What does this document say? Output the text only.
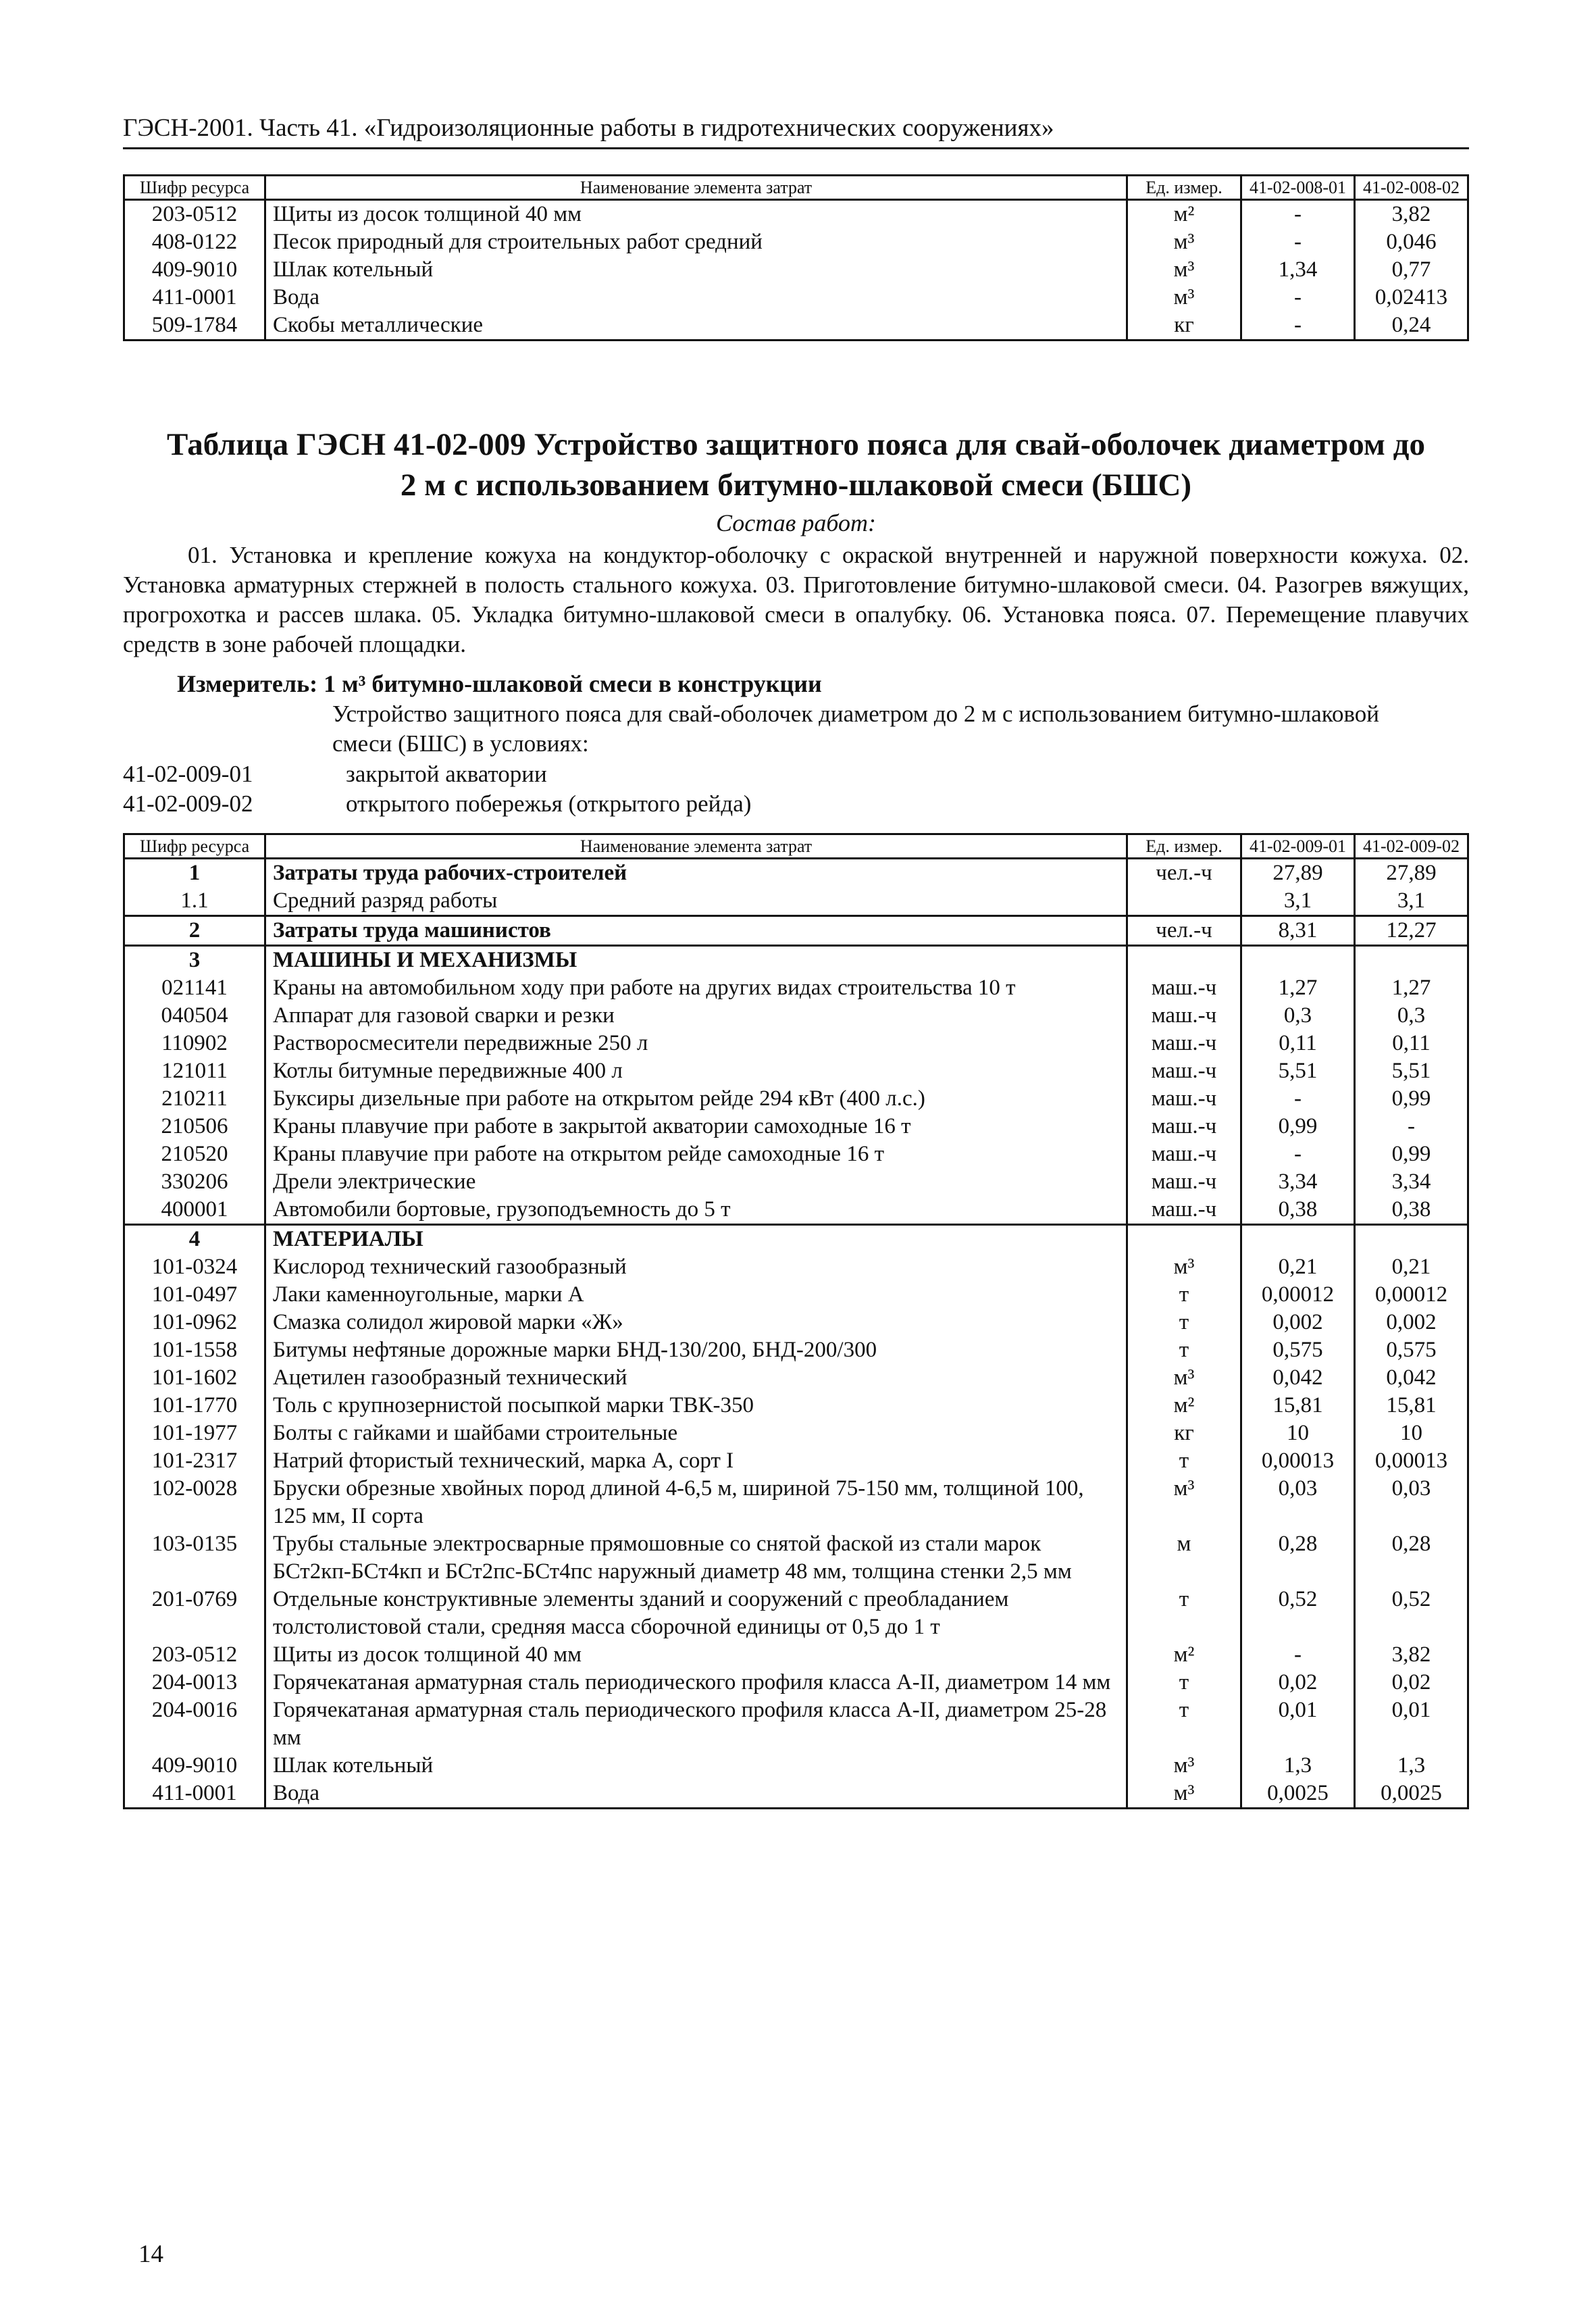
ГЭСН-2001. Часть 41. «Гидроизоляционные работы в гидротехнических сооружениях»
Шифр ресурса	Наименование элемента затрат	Ед. измер.	41-02-008-01	41-02-008-02
203-0512	Щиты из досок толщиной 40 мм	м²	-	3,82
408-0122	Песок природный для строительных работ средний	м³	-	0,046
409-9010	Шлак котельный	м³	1,34	0,77
411-0001	Вода	м³	-	0,02413
509-1784	Скобы металлические	кг	-	0,24
Таблица ГЭСН 41-02-009 Устройство защитного пояса для свай-оболочек диаметром до
2 м с использованием битумно-шлаковой смеси (БШС)
Состав работ:
01. Установка и крепление кожуха на кондуктор-оболочку с окраской внутренней и наружной поверхности кожуха. 02. Установка арматурных стержней в полость стального кожуха. 03. Приготовление битумно-шлаковой смеси. 04. Разогрев вяжущих, прогрохотка и рассев шлака. 05. Укладка битумно-шлаковой смеси в опалубку. 06. Установка пояса. 07. Перемещение плавучих средств в зоне рабочей площадки.
Измеритель: 1 м³ битумно-шлаковой смеси в конструкции
Устройство защитного пояса для свай-оболочек диаметром до 2 м с использованием битумно-шлаковой смеси (БШС) в условиях:
41-02-009-01	закрытой акватории
41-02-009-02	открытого побережья (открытого рейда)
Шифр ресурса	Наименование элемента затрат	Ед. измер.	41-02-009-01	41-02-009-02
1	Затраты труда рабочих-строителей	чел.-ч	27,89	27,89
1.1	Средний разряд работы		3,1	3,1
2	Затраты труда машинистов	чел.-ч	8,31	12,27
3	МАШИНЫ И МЕХАНИЗМЫ			
021141	Краны на автомобильном ходу при работе на других видах строительства 10 т	маш.-ч	1,27	1,27
040504	Аппарат для газовой сварки и резки	маш.-ч	0,3	0,3
110902	Растворосмесители передвижные 250 л	маш.-ч	0,11	0,11
121011	Котлы битумные передвижные 400 л	маш.-ч	5,51	5,51
210211	Буксиры дизельные при работе на открытом рейде 294 кВт (400 л.с.)	маш.-ч	-	0,99
210506	Краны плавучие при работе в закрытой акватории самоходные 16 т	маш.-ч	0,99	-
210520	Краны плавучие при работе на открытом рейде самоходные 16 т	маш.-ч	-	0,99
330206	Дрели электрические	маш.-ч	3,34	3,34
400001	Автомобили бортовые, грузоподъемность до 5 т	маш.-ч	0,38	0,38
4	МАТЕРИАЛЫ			
101-0324	Кислород технический газообразный	м³	0,21	0,21
101-0497	Лаки каменноугольные, марки А	т	0,00012	0,00012
101-0962	Смазка солидол жировой марки «Ж»	т	0,002	0,002
101-1558	Битумы нефтяные дорожные марки БНД-130/200, БНД-200/300	т	0,575	0,575
101-1602	Ацетилен газообразный технический	м³	0,042	0,042
101-1770	Толь с крупнозернистой посыпкой марки ТВК-350	м²	15,81	15,81
101-1977	Болты с гайками и шайбами строительные	кг	10	10
101-2317	Натрий фтористый технический, марка А, сорт I	т	0,00013	0,00013
102-0028	Бруски обрезные хвойных пород длиной 4-6,5 м, шириной 75-150 мм, толщиной 100, 125 мм, II сорта	м³	0,03	0,03
103-0135	Трубы стальные электросварные прямошовные со снятой фаской из стали марок БСт2кп-БСт4кп и БСт2пс-БСт4пс наружный диаметр 48 мм, толщина стенки 2,5 мм	м	0,28	0,28
201-0769	Отдельные конструктивные элементы зданий и сооружений с преобладанием толстолистовой стали, средняя масса сборочной единицы от 0,5 до 1 т	т	0,52	0,52
203-0512	Щиты из досок толщиной 40 мм	м²	-	3,82
204-0013	Горячекатаная арматурная сталь периодического профиля класса А-II, диаметром 14 мм	т	0,02	0,02
204-0016	Горячекатаная арматурная сталь периодического профиля класса А-II, диаметром 25-28 мм	т	0,01	0,01
409-9010	Шлак котельный	м³	1,3	1,3
411-0001	Вода	м³	0,0025	0,0025
14
